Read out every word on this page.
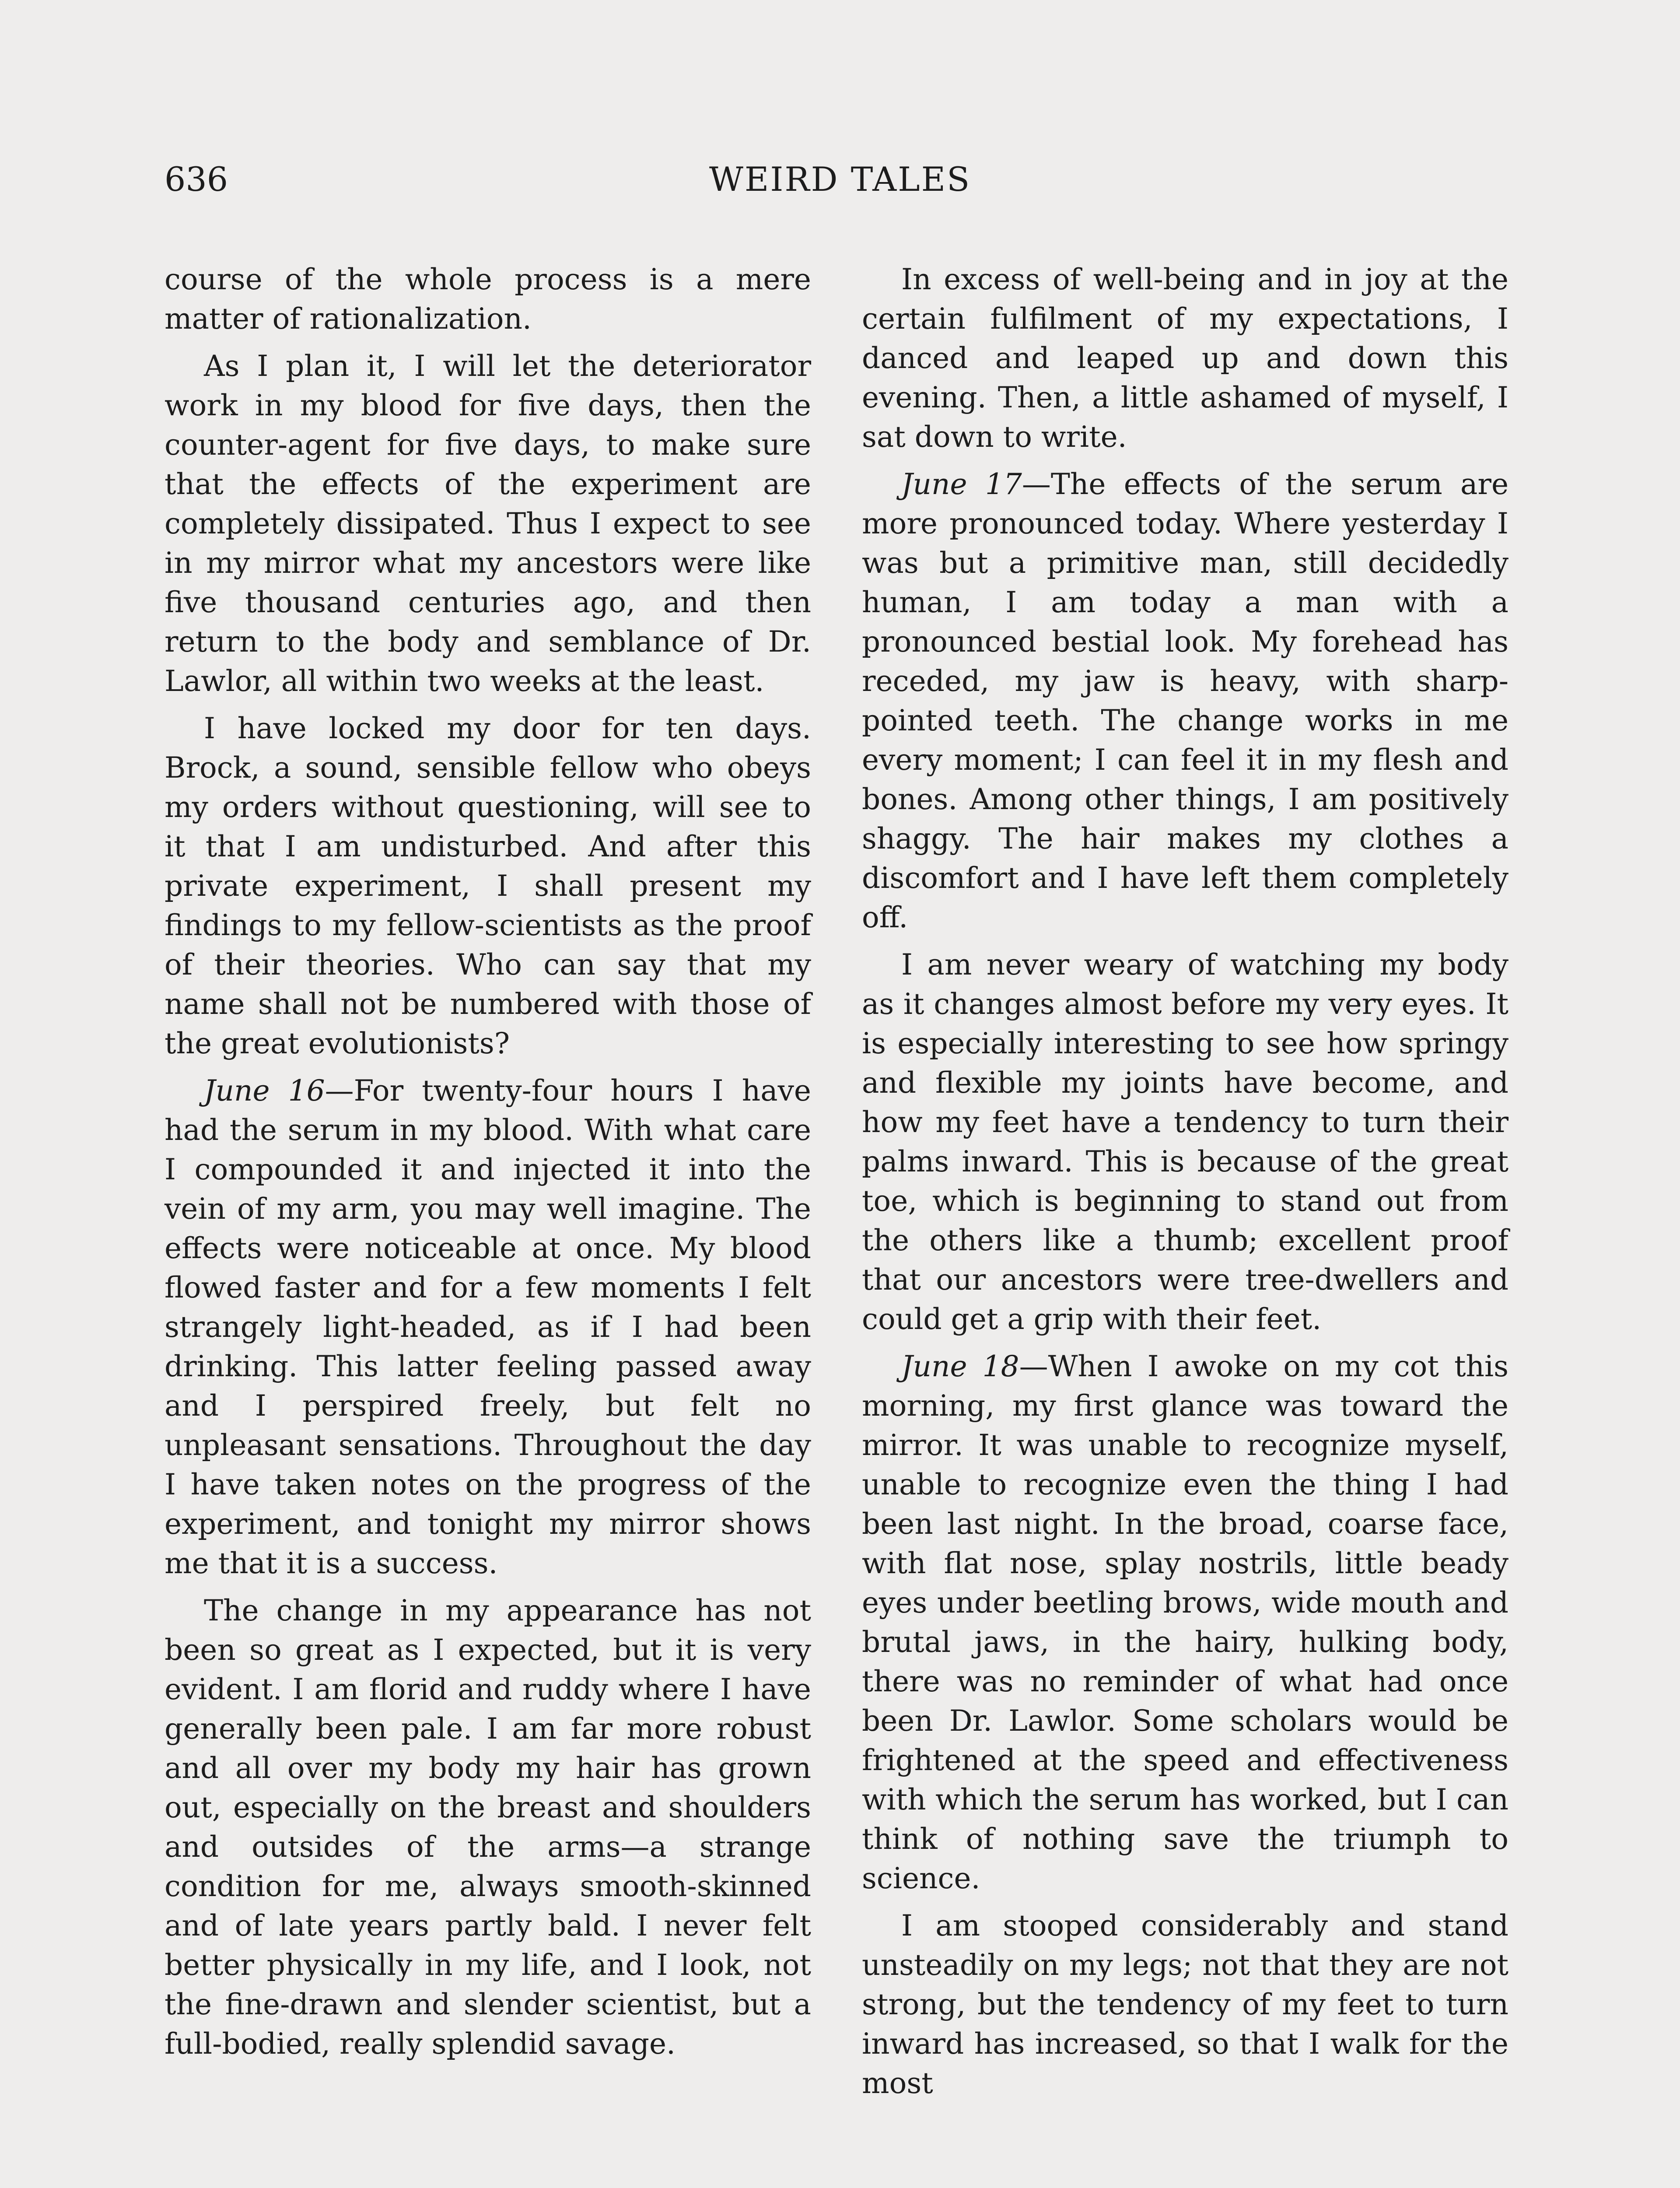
636	WEIRD TALES

course of the whole process is a mere matter of rationalization.

As I plan it, I will let the deteriorator work in my blood for five days, then the counter-agent for five days, to make sure that the effects of the experiment are completely dissipated. Thus I expect to see in my mirror what my ancestors were like five thousand centuries ago, and then return to the body and semblance of Dr. Lawlor, all within two weeks at the least.

I have locked my door for ten days. Brock, a sound, sensible fellow who obeys my orders without questioning, will see to it that I am undisturbed. And after this private experiment, I shall present my findings to my fellow-scientists as the proof of their theories. Who can say that my name shall not be numbered with those of the great evolutionists?

June 16—For twenty-four hours I have had the serum in my blood. With what care I compounded it and injected it into the vein of my arm, you may well imagine. The effects were noticeable at once. My blood flowed faster and for a few moments I felt strangely light-headed, as if I had been drinking. This latter feeling passed away and I perspired freely, but felt no unpleasant sensations. Throughout the day I have taken notes on the progress of the experiment, and tonight my mirror shows me that it is a success.

The change in my appearance has not been so great as I expected, but it is very evident. I am florid and ruddy where I have generally been pale. I am far more robust and all over my body my hair has grown out, especially on the breast and shoulders and outsides of the arms—a strange condition for me, always smooth-skinned and of late years partly bald. I never felt better physically in my life, and I look, not the fine-drawn and slender scientist, but a full-bodied, really splendid savage.

In excess of well-being and in joy at the certain fulfilment of my expectations, I danced and leaped up and down this evening. Then, a little ashamed of myself, I sat down to write.

June 17—The effects of the serum are more pronounced today. Where yesterday I was but a primitive man, still decidedly human, I am today a man with a pronounced bestial look. My forehead has receded, my jaw is heavy, with sharp-pointed teeth. The change works in me every moment; I can feel it in my flesh and bones. Among other things, I am positively shaggy. The hair makes my clothes a discomfort and I have left them completely off.

I am never weary of watching my body as it changes almost before my very eyes. It is especially interesting to see how springy and flexible my joints have become, and how my feet have a tendency to turn their palms inward. This is because of the great toe, which is beginning to stand out from the others like a thumb; excellent proof that our ancestors were tree-dwellers and could get a grip with their feet.

June 18—When I awoke on my cot this morning, my first glance was toward the mirror. It was unable to recognize myself, unable to recognize even the thing I had been last night. In the broad, coarse face, with flat nose, splay nostrils, little beady eyes under beetling brows, wide mouth and brutal jaws, in the hairy, hulking body, there was no reminder of what had once been Dr. Lawlor. Some scholars would be frightened at the speed and effectiveness with which the serum has worked, but I can think of nothing save the triumph to science.

I am stooped considerably and stand unsteadily on my legs; not that they are not strong, but the tendency of my feet to turn inward has increased, so that I walk for the most
